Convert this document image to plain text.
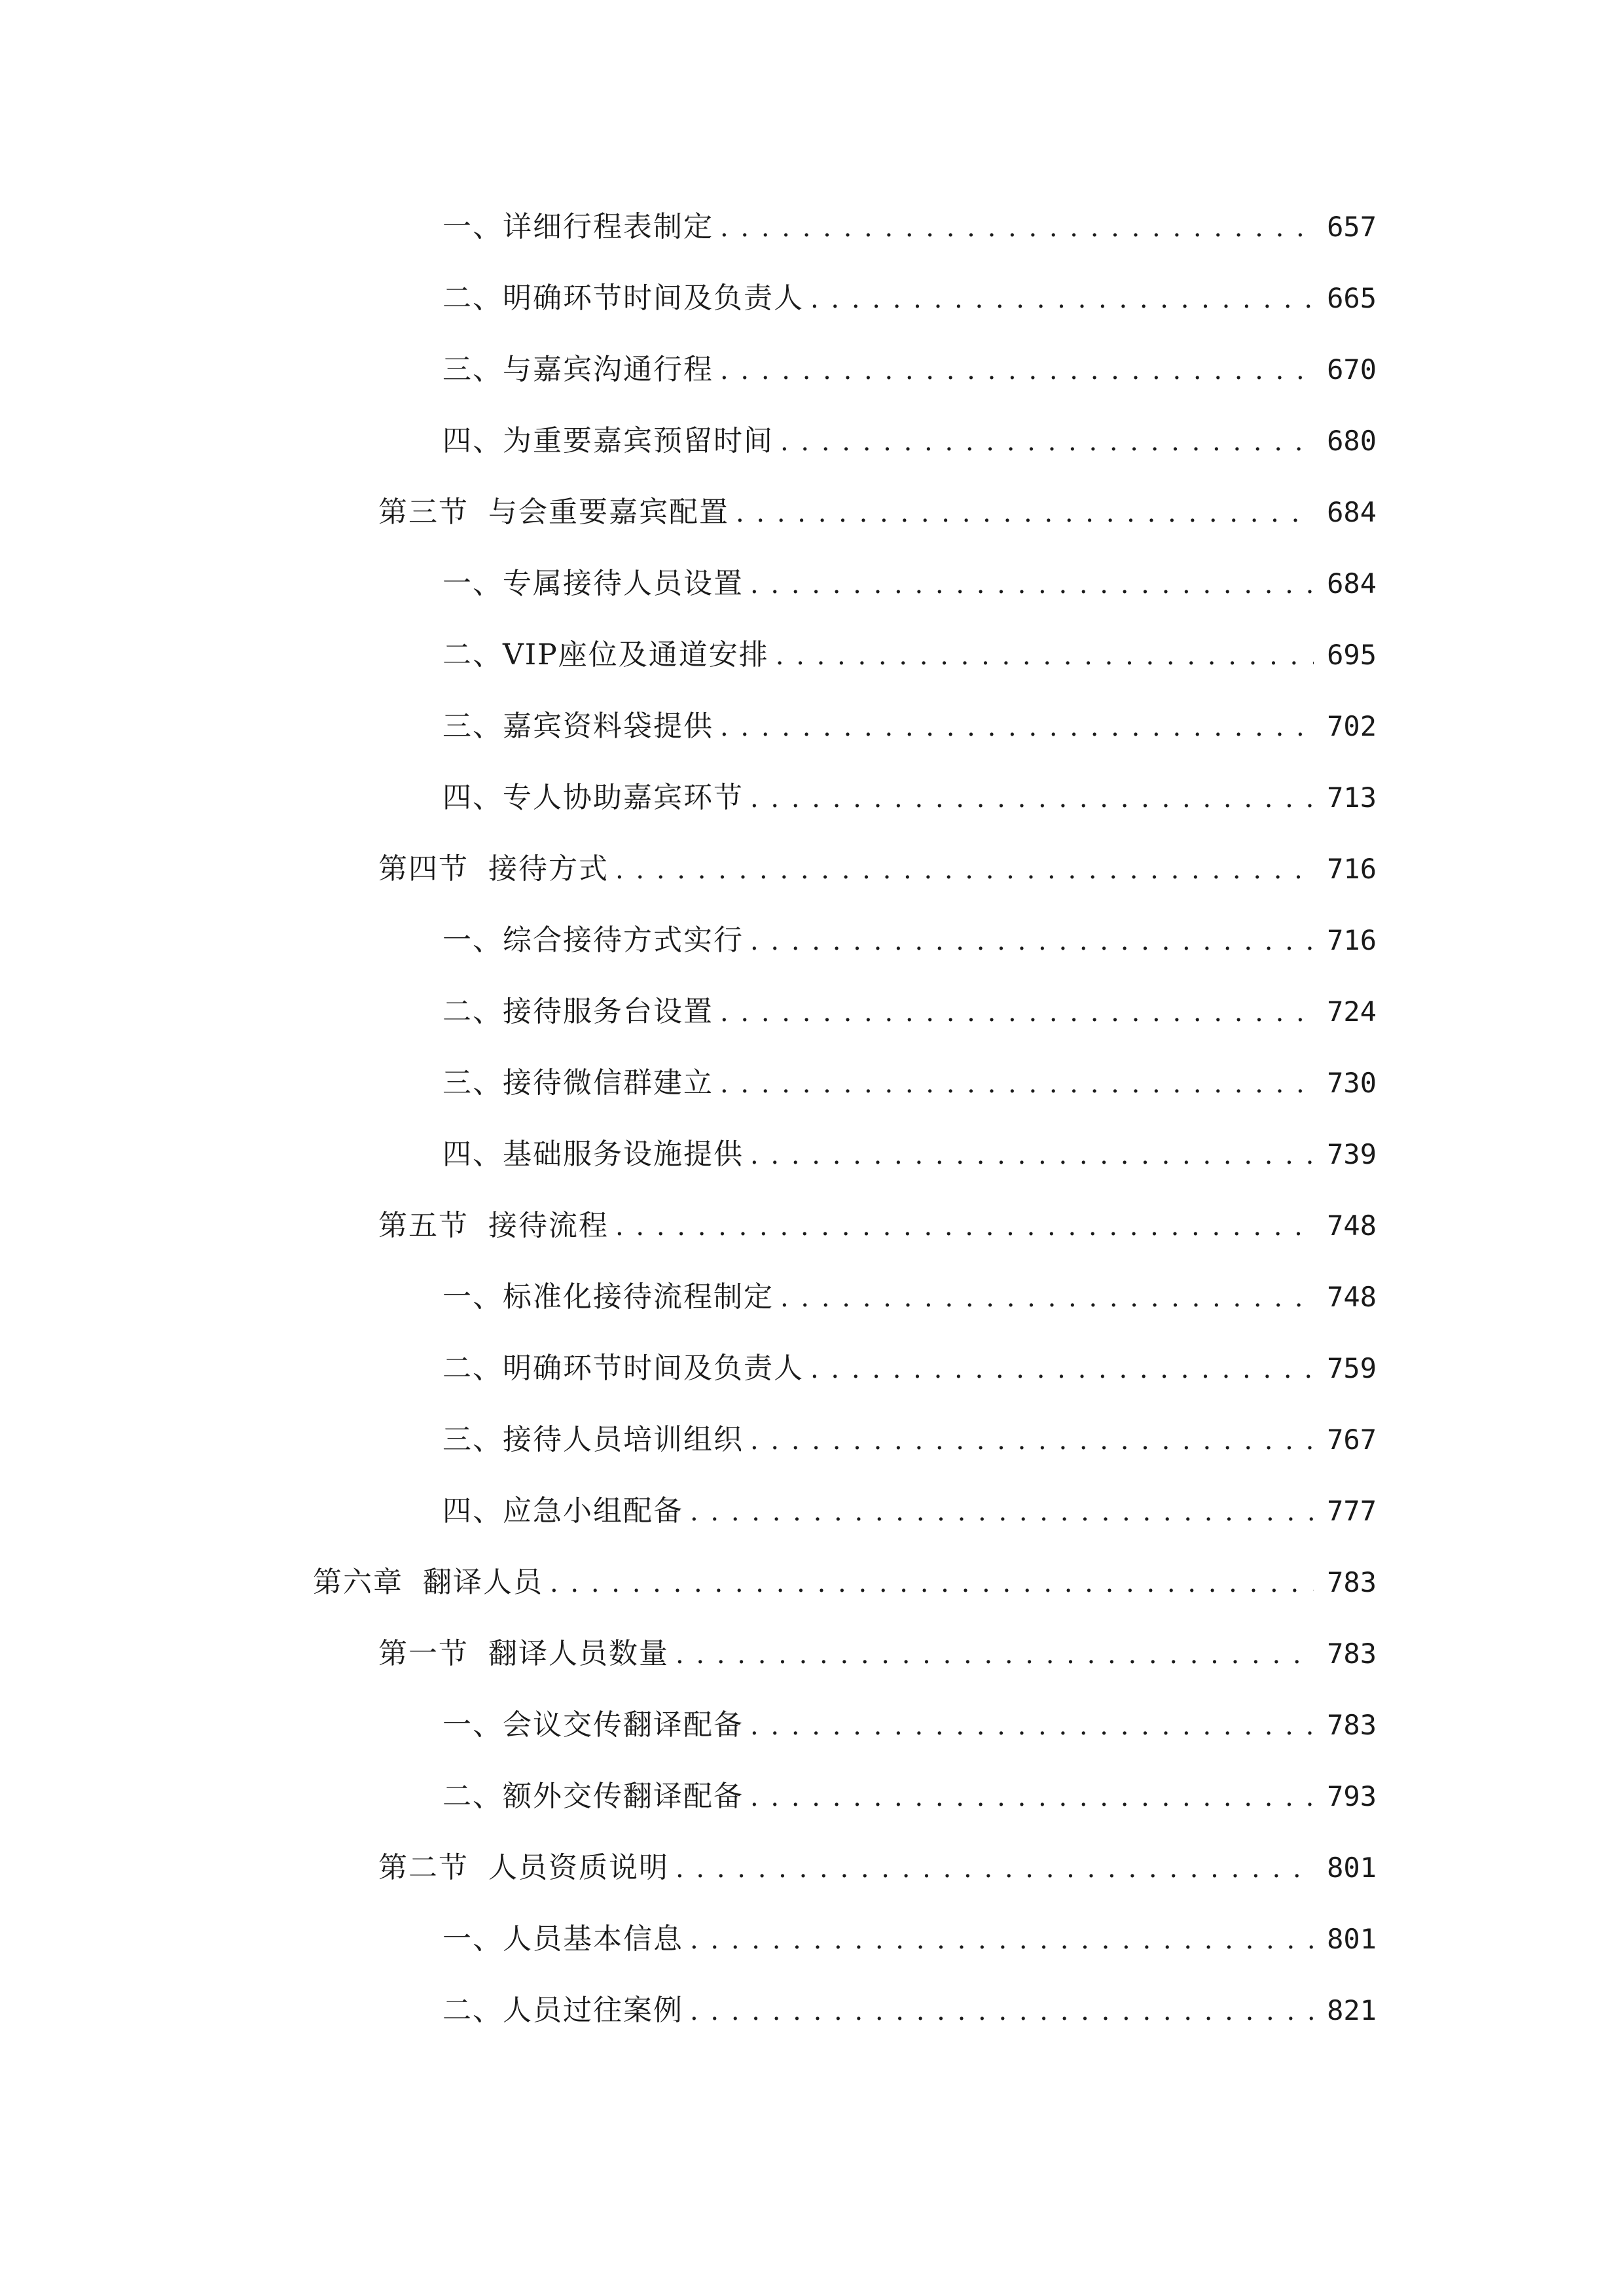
一、 详细行程表制定 . . .	657
二、 明确环节时间及负责人 . . .	665
三、 与嘉宾沟通行程 . . .	670
四、 为重要嘉宾预留时间 . . .	680
第三节 与会重要嘉宾配置 . . .	684
一、 专属接待人员设置 . . .	684
二、 VIP座位及通道安排 . . .	695
三、 嘉宾资料袋提供 . . .	702
四、 专人协助嘉宾环节 . . .	713
第四节 接待方式 . . .	716
一、 综合接待方式实行 . . .	716
二、 接待服务台设置 . . .	724
三、 接待微信群建立 . . .	730
四、 基础服务设施提供 . . .	739
第五节 接待流程 . . .	748
一、 标准化接待流程制定 . . .	748
二、 明确环节时间及负责人 . . .	759
三、 接待人员培训组织 . . .	767
四、 应急小组配备 . . .	777
第六章 翻译人员 . . .	783
第一节 翻译人员数量 . . .	783
一、 会议交传翻译配备 . . .	783
二、 额外交传翻译配备 . . .	793
第二节 人员资质说明 . . .	801
一、 人员基本信息 . . .	801
二、 人员过往案例 . . .	821
